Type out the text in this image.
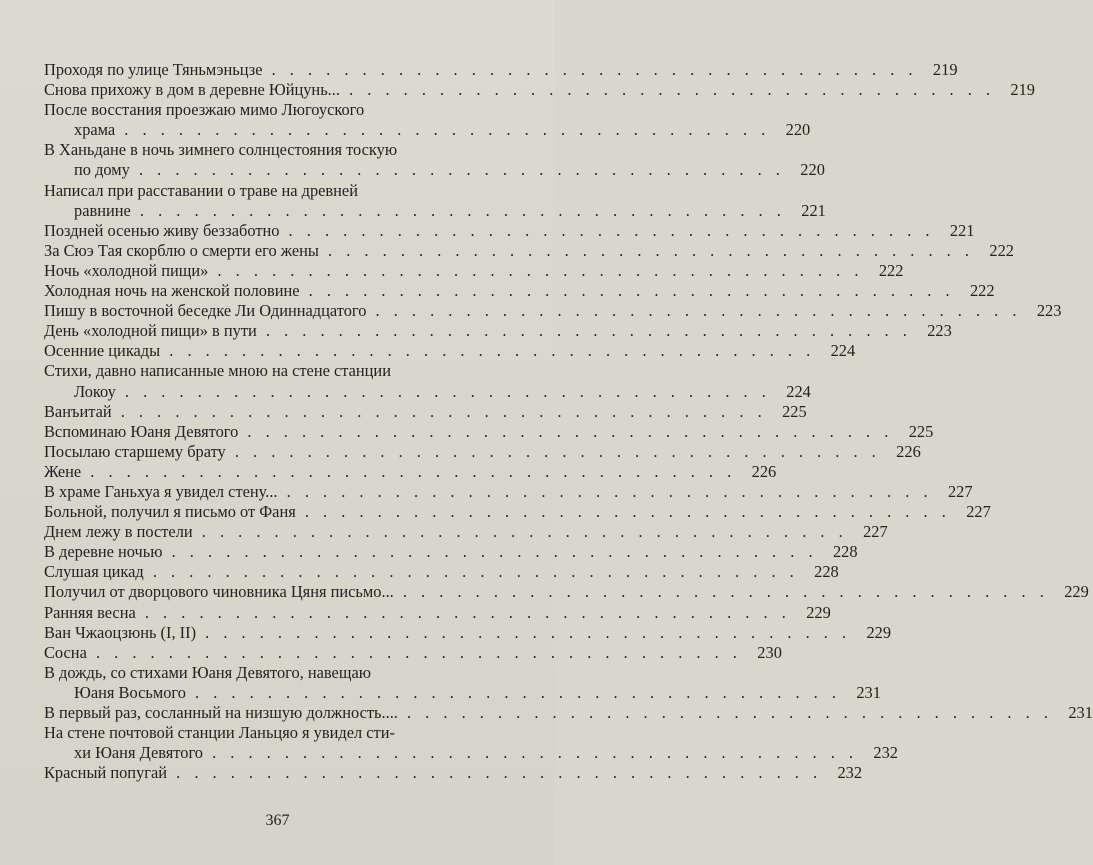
Проходя по улице Тяньмэньцзе . . . . . . . . . . . . . . . . . . . . . . . . . . . . . . . . . . . . 219
Снова прихожу в дом в деревне Юйцунь... . . . . . . . . . . . . . . . . . . . . . . . . . . . . . . . . . . . . 219
После восстания проезжаю мимо Люгоуского
храма . . . . . . . . . . . . . . . . . . . . . . . . . . . . . . . . . . . . 220
В Ханьдане в ночь зимнего солнцестояния тоскую
по дому . . . . . . . . . . . . . . . . . . . . . . . . . . . . . . . . . . . . 220
Написал при расставании о траве на древней
равнине . . . . . . . . . . . . . . . . . . . . . . . . . . . . . . . . . . . . 221
Поздней осенью живу беззаботно . . . . . . . . . . . . . . . . . . . . . . . . . . . . . . . . . . . . 221
За Сюэ Тая скорблю о смерти его жены . . . . . . . . . . . . . . . . . . . . . . . . . . . . . . . . . . . . 222
Ночь «холодной пищи» . . . . . . . . . . . . . . . . . . . . . . . . . . . . . . . . . . . . 222
Холодная ночь на женской половине . . . . . . . . . . . . . . . . . . . . . . . . . . . . . . . . . . . . 222
Пишу в восточной беседке Ли Одиннадцатого . . . . . . . . . . . . . . . . . . . . . . . . . . . . . . . . . . . . 223
День «холодной пищи» в пути . . . . . . . . . . . . . . . . . . . . . . . . . . . . . . . . . . . . 223
Осенние цикады . . . . . . . . . . . . . . . . . . . . . . . . . . . . . . . . . . . . 224
Стихи, давно написанные мною на стене станции
Локоу . . . . . . . . . . . . . . . . . . . . . . . . . . . . . . . . . . . . 224
Ванъитай . . . . . . . . . . . . . . . . . . . . . . . . . . . . . . . . . . . . 225
Вспоминаю Юаня Девятого . . . . . . . . . . . . . . . . . . . . . . . . . . . . . . . . . . . . 225
Посылаю старшему брату . . . . . . . . . . . . . . . . . . . . . . . . . . . . . . . . . . . . 226
Жене . . . . . . . . . . . . . . . . . . . . . . . . . . . . . . . . . . . . 226
В храме Ганьхуа я увидел стену... . . . . . . . . . . . . . . . . . . . . . . . . . . . . . . . . . . . . 227
Больной, получил я письмо от Фаня . . . . . . . . . . . . . . . . . . . . . . . . . . . . . . . . . . . . 227
Днем лежу в постели . . . . . . . . . . . . . . . . . . . . . . . . . . . . . . . . . . . . 227
В деревне ночью . . . . . . . . . . . . . . . . . . . . . . . . . . . . . . . . . . . . 228
Слушая цикад . . . . . . . . . . . . . . . . . . . . . . . . . . . . . . . . . . . . 228
Получил от дворцового чиновника Цяня письмо... . . . . . . . . . . . . . . . . . . . . . . . . . . . . . . . . . . . . 229
Ранняя весна . . . . . . . . . . . . . . . . . . . . . . . . . . . . . . . . . . . . 229
Ван Чжаоцзюнь (I, II) . . . . . . . . . . . . . . . . . . . . . . . . . . . . . . . . . . . . 229
Сосна . . . . . . . . . . . . . . . . . . . . . . . . . . . . . . . . . . . . 230
В дождь, со стихами Юаня Девятого, навещаю
Юаня Восьмого . . . . . . . . . . . . . . . . . . . . . . . . . . . . . . . . . . . . 231
В первый раз, сосланный на низшую должность.... . . . . . . . . . . . . . . . . . . . . . . . . . . . . . . . . . . . . 231
На стене почтовой станции Ланьцяо я увидел сти-
хи Юаня Девятого . . . . . . . . . . . . . . . . . . . . . . . . . . . . . . . . . . . . 232
Красный попугай . . . . . . . . . . . . . . . . . . . . . . . . . . . . . . . . . . . . 232
367
